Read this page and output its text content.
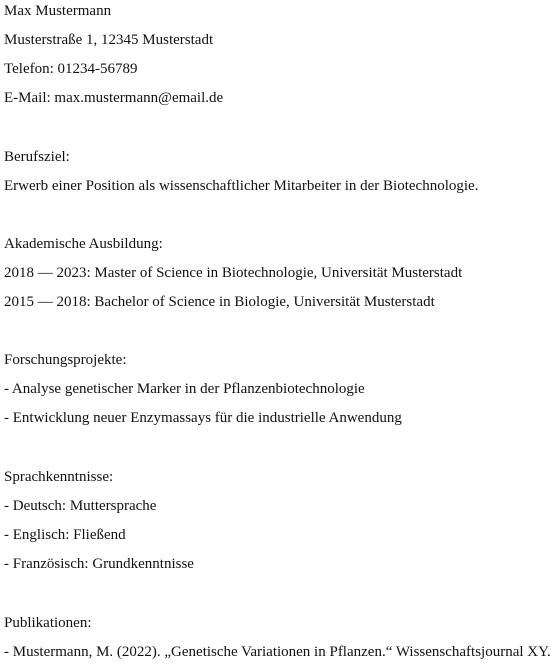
Max Mustermann
Musterstraße 1, 12345 Musterstadt
Telefon: 01234-56789
E-Mail: max.mustermann@email.de
Berufsziel:
Erwerb einer Position als wissenschaftlicher Mitarbeiter in der Biotechnologie.
Akademische Ausbildung:
2018 — 2023: Master of Science in Biotechnologie, Universität Musterstadt
2015 — 2018: Bachelor of Science in Biologie, Universität Musterstadt
Forschungsprojekte:
- Analyse genetischer Marker in der Pflanzenbiotechnologie
- Entwicklung neuer Enzymassays für die industrielle Anwendung
Sprachkenntnisse:
- Deutsch: Muttersprache
- Englisch: Fließend
- Französisch: Grundkenntnisse
Publikationen:
- Mustermann, M. (2022). „Genetische Variationen in Pflanzen.“ Wissenschaftsjournal XY.
